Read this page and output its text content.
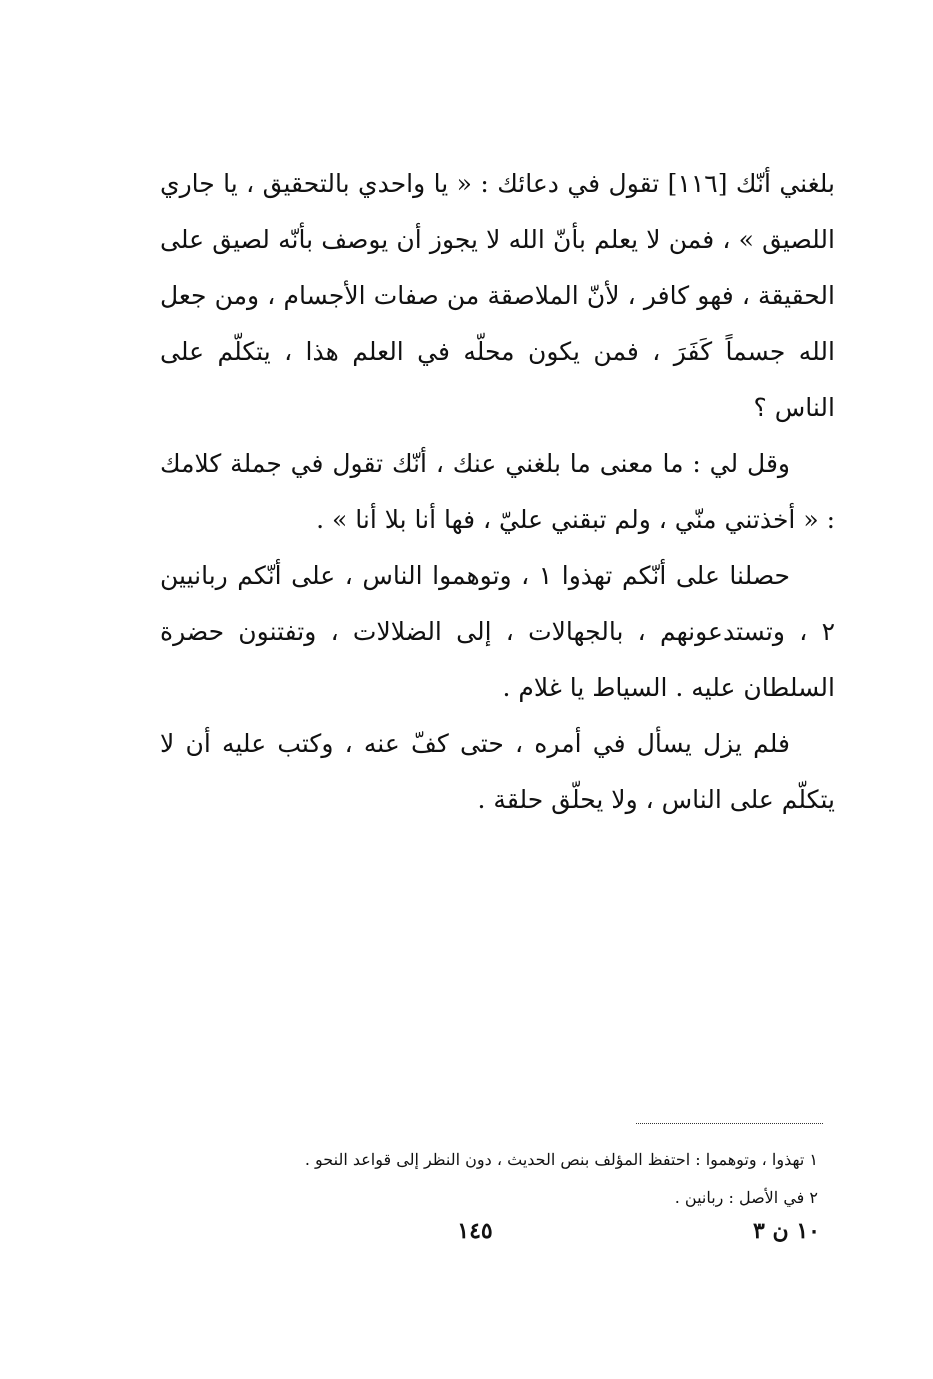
بلغني أنّك [١١٦] تقول في دعائك : « يا واحدي بالتحقيق ، يا جاري اللصيق » ، فمن لا يعلم بأنّ الله لا يجوز أن يوصف بأنّه لصيق على الحقيقة ، فهو كافر ، لأنّ الملاصقة من صفات الأجسام ، ومن جعل الله جسماً كَفَرَ ، فمن يكون محلّه في العلم هذا ، يتكلّم على الناس ؟

وقل لي : ما معنى ما بلغني عنك ، أنّك تقول في جملة كلامك : « أخذتني منّي ، ولم تبقني عليّ ، فها أنا بلا أنا » .

حصلنا على أنّكم تهذوا ١ ، وتوهموا الناس ، على أنّكم ربانيين ٢ ، وتستدعونهم ، بالجهالات ، إلى الضلالات ، وتفتنون حضرة السلطان عليه . السياط يا غلام .

فلم يزل يسأل في أمره ، حتى كفّ عنه ، وكتب عليه أن لا يتكلّم على الناس ، ولا يحلّق حلقة .

١ تهذوا ، وتوهموا : احتفظ المؤلف بنص الحديث ، دون النظر إلى قواعد النحو .
٢ في الأصل : ربانين .
١٤٥	١٠ ن ٣
